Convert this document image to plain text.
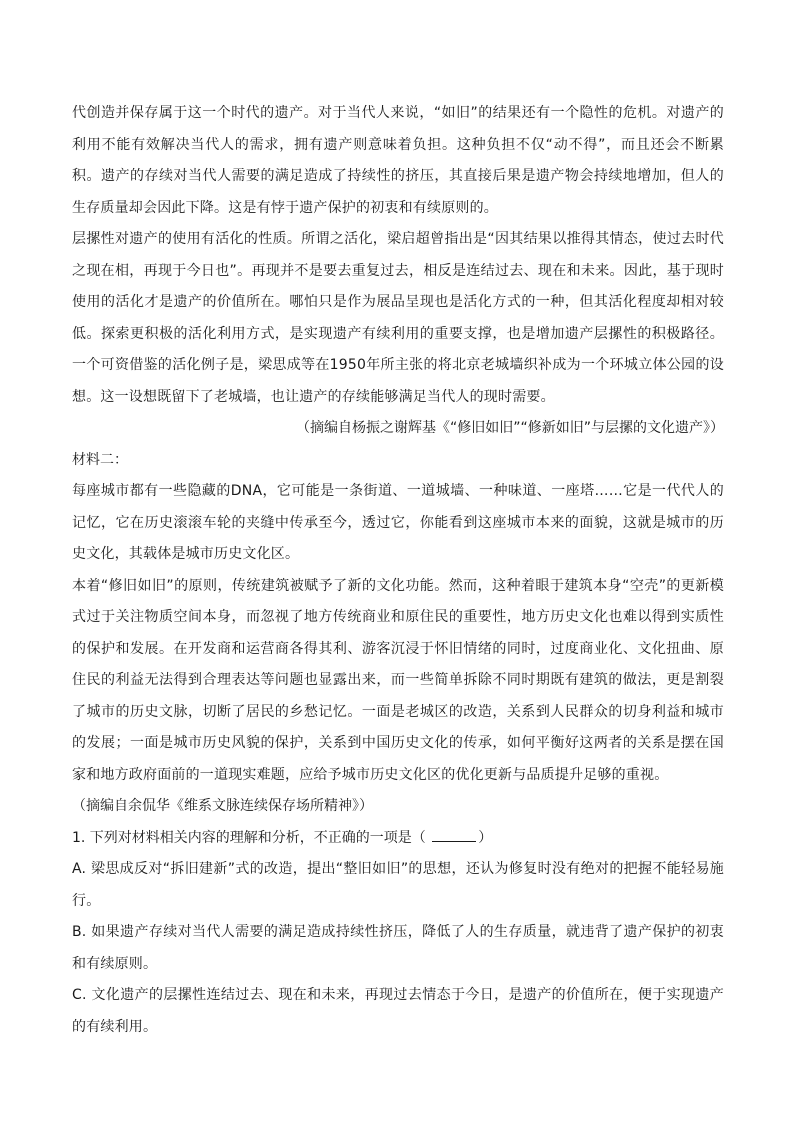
代创造并保存属于这一个时代的遗产。对于当代人来说，“如旧”的结果还有一个隐性的危机。对遗产的利用不能有效解决当代人的需求，拥有遗产则意味着负担。这种负担不仅“动不得”，而且还会不断累积。遗产的存续对当代人需要的满足造成了持续性的挤压，其直接后果是遗产物会持续地增加，但人的生存质量却会因此下降。这是有悖于遗产保护的初衷和有续原则的。

层摞性对遗产的使用有活化的性质。所谓之活化，梁启超曾指出是“因其结果以推得其情态，使过去时代之现在相，再现于今日也”。再现并不是要去重复过去，相反是连结过去、现在和未来。因此，基于现时使用的活化才是遗产的价值所在。哪怕只是作为展品呈现也是活化方式的一种，但其活化程度却相对较低。探索更积极的活化利用方式，是实现遗产有续利用的重要支撑，也是增加遗产层摞性的积极路径。一个可资借鉴的活化例子是，梁思成等在1950年所主张的将北京老城墙织补成为一个环城立体公园的设想。这一设想既留下了老城墙，也让遗产的存续能够满足当代人的现时需要。

（摘编自杨振之谢辉基《“修旧如旧”“修新如旧”与层摞的文化遗产》）

材料二：

每座城市都有一些隐藏的DNA，它可能是一条街道、一道城墙、一种味道、一座塔……它是一代代人的记忆，它在历史滚滚车轮的夹缝中传承至今，透过它，你能看到这座城市本来的面貌，这就是城市的历史文化，其载体是城市历史文化区。

本着“修旧如旧”的原则，传统建筑被赋予了新的文化功能。然而，这种着眼于建筑本身“空壳”的更新模式过于关注物质空间本身，而忽视了地方传统商业和原住民的重要性，地方历史文化也难以得到实质性的保护和发展。在开发商和运营商各得其利、游客沉浸于怀旧情绪的同时，过度商业化、文化扭曲、原住民的利益无法得到合理表达等问题也显露出来，而一些简单拆除不同时期既有建筑的做法，更是割裂了城市的历史文脉，切断了居民的乡愁记忆。一面是老城区的改造，关系到人民群众的切身利益和城市的发展；一面是城市历史风貌的保护，关系到中国历史文化的传承，如何平衡好这两者的关系是摆在国家和地方政府面前的一道现实难题，应给予城市历史文化区的优化更新与品质提升足够的重视。

（摘编自余侃华《维系文脉连续保存场所精神》）

1. 下列对材料相关内容的理解和分析，不正确的一项是（	）

A. 梁思成反对“拆旧建新”式的改造，提出“整旧如旧”的思想，还认为修复时没有绝对的把握不能轻易施行。

B. 如果遗产存续对当代人需要的满足造成持续性挤压，降低了人的生存质量，就违背了遗产保护的初衷和有续原则。

C. 文化遗产的层摞性连结过去、现在和未来，再现过去情态于今日，是遗产的价值所在，便于实现遗产的有续利用。
